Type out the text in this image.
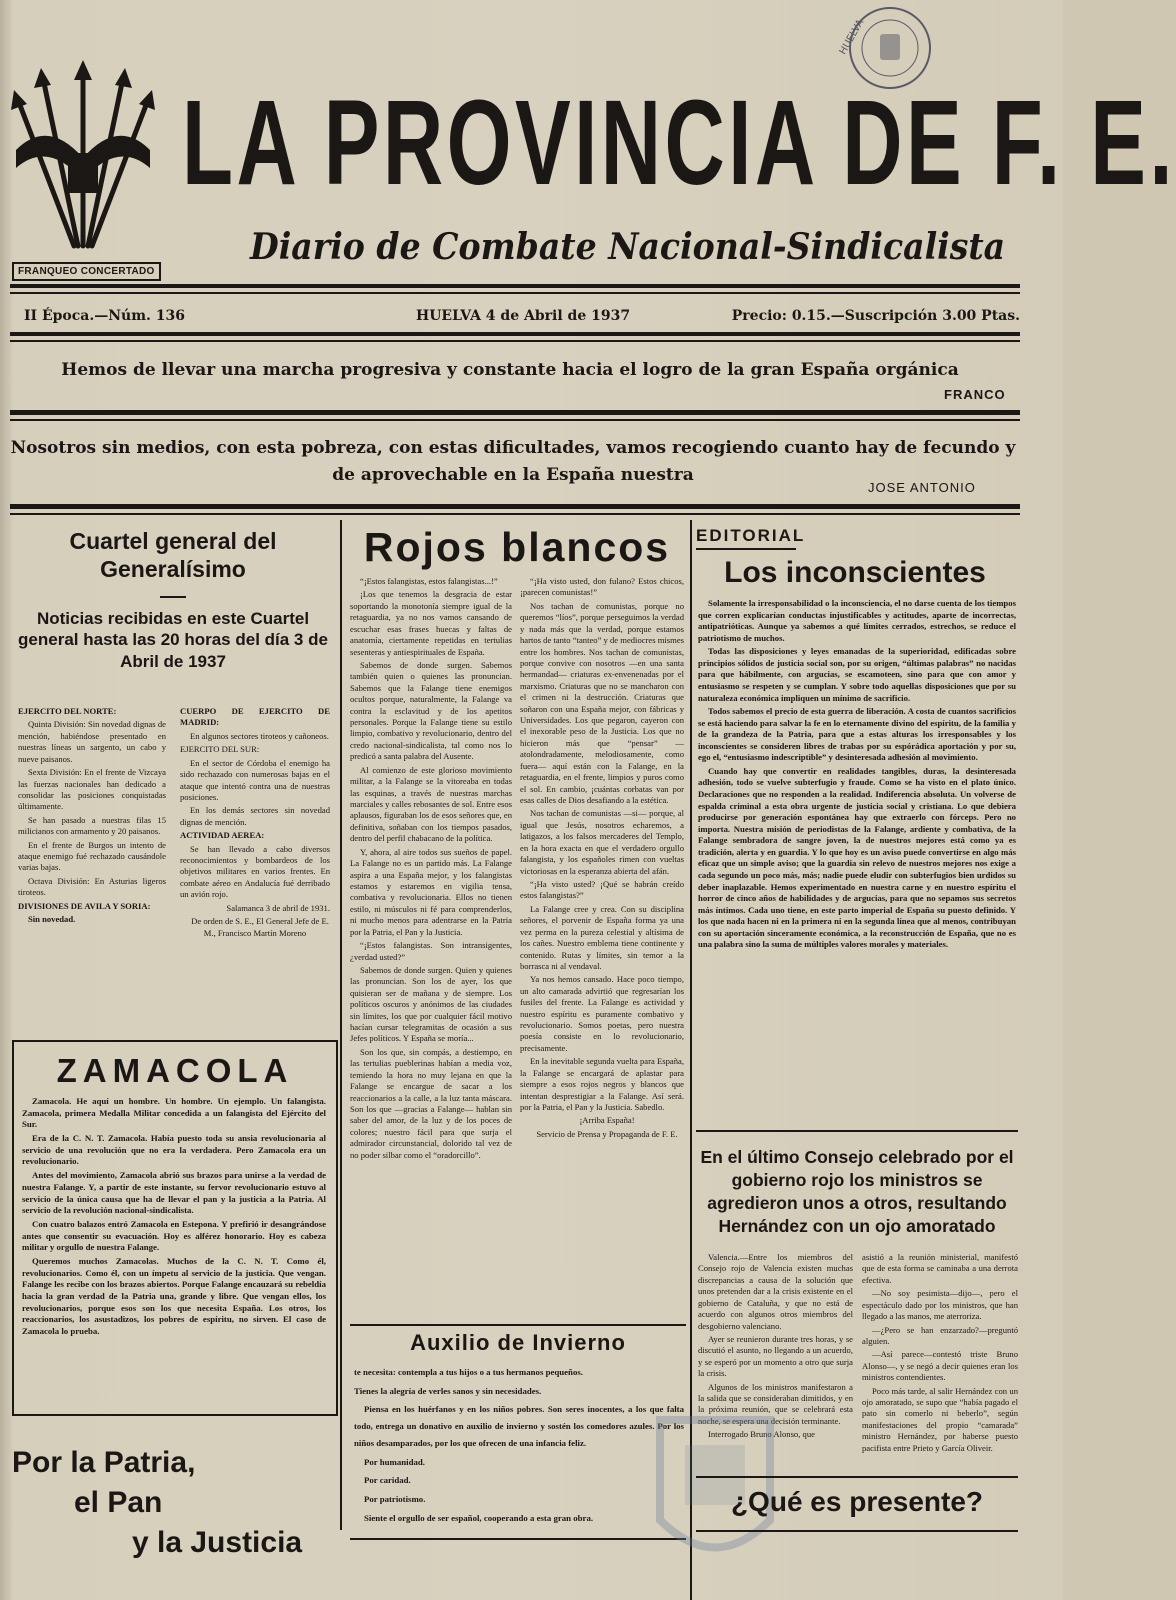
FRANQUEO CONCERTADO
LA PROVINCIA DE F. E.
Diario de Combate Nacional-Sindicalista
HUELVA
II Época.—Núm. 136	HUELVA 4 de Abril de 1937	Precio: 0.15.—Suscripción 3.00 Ptas.
Hemos de llevar una marcha progresiva y constante hacia el logro de la gran España orgánica
FRANCO
Nosotros sin medios, con esta pobreza, con estas dificultades, vamos recogiendo cuanto hay de fecundo y de aprovechable en la España nuestra
JOSE ANTONIO
Cuartel general del Generalísimo
Noticias recibidas en este Cuartel general hasta las 20 horas del día 3 de Abril de 1937

EJERCITO DEL NORTE:

Quinta División: Sin novedad dignas de mención, habiéndose presentado en nuestras líneas un sargento, un cabo y nueve paisanos.

Sexta División: En el frente de Vizcaya las fuerzas nacionales han dedicado a consolidar las posiciones conquistadas últimamente.

Se han pasado a nuestras filas 15 milicianos con armamento y 20 paisanos.

En el frente de Burgos un intento de ataque enemigo fué rechazado causándole varias bajas.

Octava División: En Asturias ligeros tiroteos.

DIVISIONES DE AVILA Y SORIA:

Sin novedad.

CUERPO DE EJERCITO DE MADRID:

En algunos sectores tiroteos y cañoneos.

EJERCITO DEL SUR:

En el sector de Córdoba el enemigo ha sido rechazado con numerosas bajas en el ataque que intentó contra una de nuestras posiciones.

En los demás sectores sin novedad dignas de mención.

ACTIVIDAD AEREA:

Se han llevado a cabo diversos reconocimientos y bombardeos de los objetivos militares en varios frentes. En combate aéreo en Andalucía fué derribado un avión rojo.

Salamanca 3 de abril de 1931.

De orden de S. E., El General Jefe de E. M., Francisco Martín Moreno

ZAMACOLA

Zamacola. He aquí un hombre. Un hombre. Un ejemplo. Un falangista. Zamacola, primera Medalla Militar concedida a un falangista del Ejército del Sur.

Era de la C. N. T. Zamacola. Había puesto toda su ansia revolucionaria al servicio de una revolución que no era la verdadera. Pero Zamacola era un revolucionario.

Antes del movimiento, Zamacola abrió sus brazos para unirse a la verdad de nuestra Falange. Y, a partir de este instante, su fervor revolucionario estuvo al servicio de la única causa que ha de llevar el pan y la justicia a la Patria. Al servicio de la revolución nacional-sindicalista.

Con cuatro balazos entró Zamacola en Estepona. Y prefirió ir desangrándose antes que consentir su evacuación. Hoy es alférez honorario. Hoy es cabeza militar y orgullo de nuestra Falange.

Queremos muchos Zamacolas. Muchos de la C. N. T. Como él, revolucionarios. Como él, con un ímpetu al servicio de la justicia. Que vengan. Falange les recibe con los brazos abiertos. Porque Falange encauzará su rebeldía hacia la gran verdad de la Patria una, grande y libre. Que vengan ellos, los revolucionarios, porque esos son los que necesita España. Los otros, los reaccionarios, los asustadizos, los pobres de espíritu, no sirven. El caso de Zamacola lo prueba.

Por la Patria,
el Pan
y la Justicia
Rojos blancos

“¡Estos falangistas, estos falangistas...!”

¡Los que tenemos la desgracia de estar soportando la monotonía siempre igual de la retaguardia, ya no nos vamos cansando de escuchar esas frases huecas y faltas de anatomía, ciertamente repetidas en tertulias sesenteras y antiespirituales de España.

Sabemos de donde surgen. Sabemos también quien o quienes las pronuncian. Sabemos que la Falange tiene enemigos ocultos porque, naturalmente, la Falange va contra la esclavitud y de los apetitos personales. Porque la Falange tiene su estilo limpio, combativo y revolucionario, dentro del credo nacional-sindicalista, tal como nos lo predicó a santa palabra del Ausente.

Al comienzo de este glorioso movimiento militar, a la Falange se la vitoreaba en todas las esquinas, a través de nuestras marchas marciales y calles rebosantes de sol. Entre esos aplausos, figuraban los de esos señores que, en definitiva, soñaban con los tiempos pasados, dentro del perfil chabacano de la política.

Y, ahora, al aire todos sus sueños de papel. La Falange no es un partido más. La Falange aspira a una España mejor, y los falangistas estamos y estaremos en vigilia tensa, combativa y revolucionaria. Ellos no tienen estilo, ni músculos ni fé para comprenderlos, ni mucho menos para adentrarse en la Patria por la Patria, el Pan y la Justicia.

“¡Estos falangistas. Son intransigentes, ¿verdad usted?”

Sabemos de donde surgen. Quien y quienes las pronuncian. Son los de ayer, los que quisieran ser de mañana y de siempre. Los políticos oscuros y anónimos de las ciudades sin límites, los que por cualquier fácil motivo hacían cursar telegramitas de ocasión a sus Jefes políticos. Y España se moría...

Son los que, sin compás, a destiempo, en las tertulias pueblerinas habían a media voz, temiendo la hora no muy lejana en que la Falange se encargue de sacar a los reaccionarios a la calle, a la luz tanta máscara. Son los que —gracias a Falange— hablan sin saber del amor, de la luz y de los poces de colores; nuestro fácil para que surja el admirador circunstancial, dolorido tal vez de no poder silbar como el “oradorcillo”.

“¡Ha visto usted, don fulano? Estos chicos, ¡parecen comunistas!”

Nos tachan de comunistas, porque no queremos “líos”, porque perseguimos la verdad y nada más que la verdad, porque estamos hartos de tanto “tanteo” y de mediocres mismes entre los hombres. Nos tachan de comunistas, porque convive con nosotros —en una santa hermandad— criaturas ex-envenenadas por el marxismo. Criaturas que no se mancharon con el crimen ni la destrucción. Criaturas que soñaron con una España mejor, con fábricas y Universidades. Los que pegaron, cayeron con el inexorable peso de la Justicia. Los que no hicieron más que “pensar” —atolondradamente, melodiosamente, como fuera— aquí están con la Falange, en la retaguardia, en el frente, limpios y puros como el sol. En cambio, ¡cuántas corbatas van por esas calles de Dios desafiando a la estética.

Nos tachan de comunistas —si— porque, al igual que Jesús, nosotros echaremos, a latigazos, a los falsos mercaderes del Templo, en la hora exacta en que el verdadero orgullo falangista, y los españoles rimen con vueltas victoriosas en la esperanza abierta del afán.

“¡Ha visto usted? ¡Qué se habrán creído estos falangistas?”

La Falange cree y crea. Con su disciplina señores, el porvenir de España forma ya una vez perma en la pureza celestial y altísima de los cañes. Nuestro emblema tiene continente y contenido. Rutas y límites, sin temor a la borrasca ni al vendaval.

Ya nos hemos cansado. Hace poco tiempo, un alto camarada advirtió que regresarían los fusiles del frente. La Falange es actividad y nuestro espíritu es puramente combativo y revolucionario. Somos poetas, pero nuestra poesía consiste en lo revolucionario, precisamente.

En la inevitable segunda vuelta para España, la Falange se encargará de aplastar para siempre a esos rojos negros y blancos que intentan desprestigiar a la Falange. Así será. por la Patria, el Pan y la Justicia. Sabedlo.

¡Arriba España!

Servicio de Prensa y Propaganda de F. E.

Auxilio de Invierno

te necesita: contempla a tus hijos o a tus hermanos pequeños.

Tienes la alegría de verles sanos y sin necesidades.

Piensa en los huérfanos y en los niños pobres. Son seres inocentes, a los que falta todo, entrega un donativo en auxilio de invierno y sostén los comedores azules. Por los niños desamparados, por los que ofrecen de una infancia feliz.

Por humanidad.

Por caridad.

Por patriotismo.

Siente el orgullo de ser español, cooperando a esta gran obra.

EDITORIAL
Los inconscientes

Solamente la irresponsabilidad o la inconsciencia, el no darse cuenta de los tiempos que corren explicarían conductas injustificables y actitudes, aparte de incorrectas, antipatrióticas. Aunque ya sabemos a qué límites cerrados, estrechos, se reduce el patriotismo de muchos.

Todas las disposiciones y leyes emanadas de la superioridad, edificadas sobre principios sólidos de justicia social son, por su origen, “últimas palabras” no nacidas para que hábilmente, con argucias, se escamoteen, sino para que con amor y entusiasmo se respeten y se cumplan. Y sobre todo aquellas disposiciones que por su naturaleza económica impliquen un mínimo de sacrificio.

Todos sabemos el precio de esta guerra de liberación. A costa de cuantos sacrificios se está haciendo para salvar la fe en lo eternamente divino del espíritu, de la familia y de la grandeza de la Patria, para que a estas alturas los irresponsables y los inconscientes se consideren libres de trabas por su espórádica aportación y por su, ego el, “entusiasmo indescriptible” y desinteresada adhesión al movimiento.

Cuando hay que convertir en realidades tangibles, duras, la desinteresada adhesión, todo se vuelve subterfugio y fraude. Como se ha visto en el plato único. Declaraciones que no responden a la realidad. Indiferencia absoluta. Un volverse de espalda criminal a esta obra urgente de justicia social y cristiana. Lo que debiera producirse por generación espontánea hay que extraerlo con fórceps. Pero no importa. Nuestra misión de periodistas de la Falange, ardiente y combativa, de la Falange sembradora de sangre joven, la de nuestros mejores está como ya es tradición, alerta y en guardia. Y lo que hoy es un aviso puede convertirse en algo más eficaz que un simple aviso; que la guardia sin relevo de nuestros mejores nos exige a cada segundo un poco más, más; nadie puede eludir con subterfugios bien urdidos su deber inaplazable. Hemos experimentado en nuestra carne y en nuestro espíritu el horror de cinco años de habilidades y de argucias, para que no sepamos sus secretos más íntimos. Cada uno tiene, en este parto imperial de España su puesto definido. Y los que nada hacen ni en la primera ni en la segunda línea que al menos, contribuyan con su aportación sinceramente económica, a la reconstrucción de España, que no es una palabra sino la suma de múltiples valores morales y materiales.

En el último Consejo celebrado por el gobierno rojo los ministros se agredieron unos a otros, resultando Hernández con un ojo amoratado

Valencia.—Entre los miembros del Consejo rojo de Valencia existen muchas discrepancias a causa de la solución que unos pretenden dar a la crisis existente en el gobierno de Cataluña, y que no está de acuerdo con algunos otros miembros del desgobierno valenciano.

Ayer se reunieron durante tres horas, y se discutió el asunto, no llegando a un acuerdo, y se esperó por un momento a otro que surja la crisis.

Algunos de los ministros manifestaron a la salida que se consideraban dimitidos, y en la próxima reunión, que se celebrará esta noche, se espera una decisión terminante.

Interrogado Bruno Alonso, que

asistió a la reunión ministerial, manifestó que de esta forma se caminaba a una derrota efectiva.

—No soy pesimista—dijo—, pero el espectáculo dado por los ministros, que han llegado a las manos, me aterroriza.

—¿Pero se han enzarzado?—preguntó alguien.

—Así parece—contestó triste Bruno Alonso—, y se negó a decir quienes eran los ministros contendientes.

Poco más tarde, al salir Hernández con un ojo amoratado, se supo que “había pagado el pato sin comerlo ni beberlo”, según manifestaciones del propio “camarada” ministro Hernández, por haberse puesto pacifista entre Prieto y García Oliveir.

¿Qué es presente?
